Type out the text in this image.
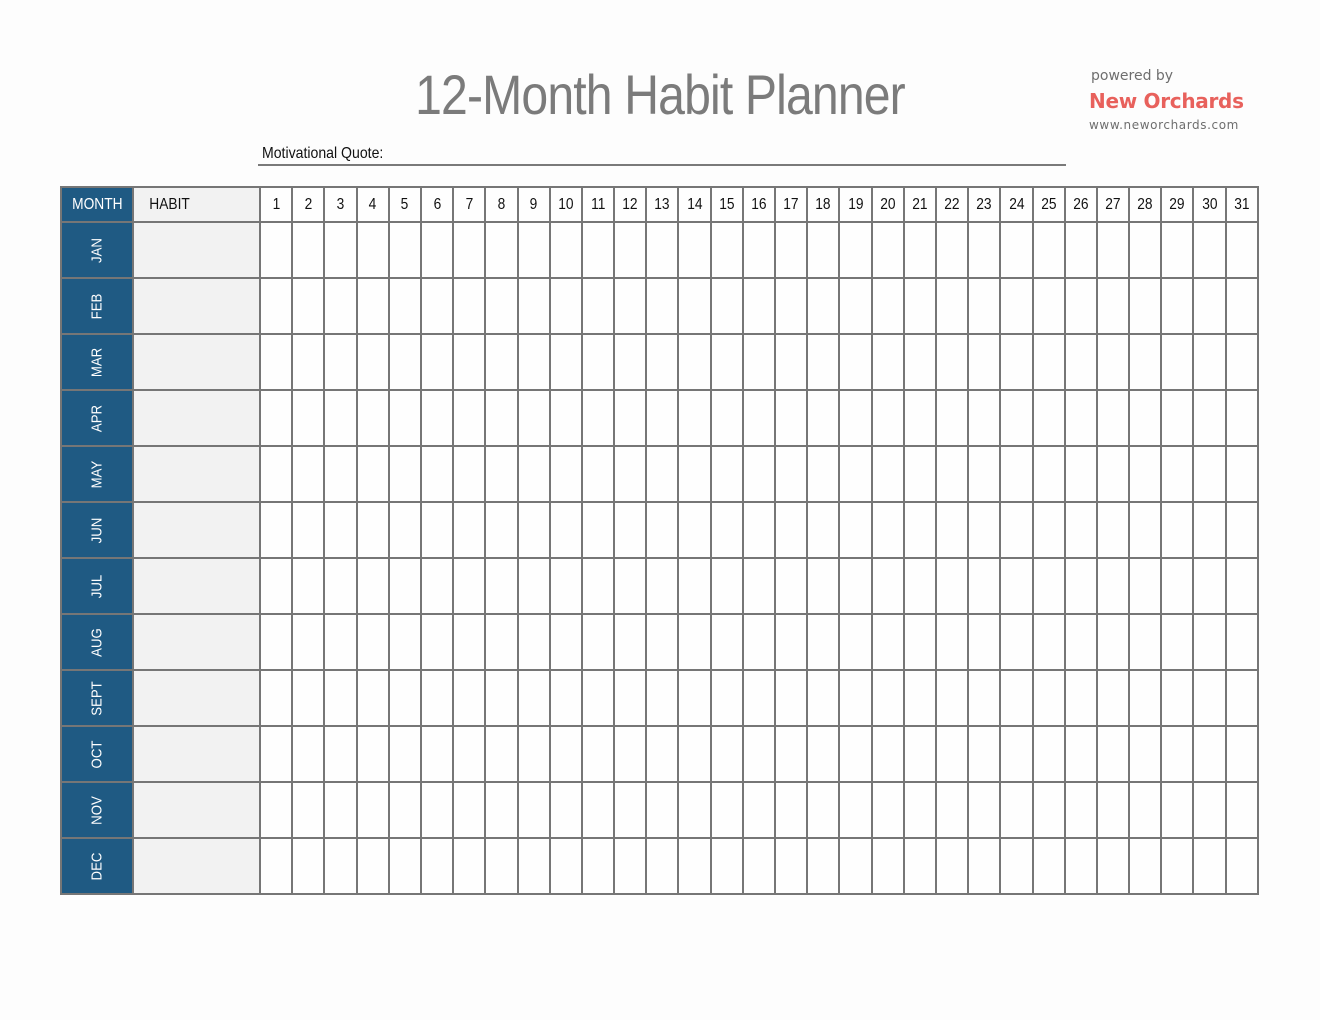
12-Month Habit Planner	powered by
New Orchards
www.neworchards.com
Motivational Quote:
MONTH	HABIT	1	2	3	4	5	6	7	8	9	10	11	12	13	14	15	16	17	18	19	20	21	22	23	24	25	26	27	28	29	30	31

JAN																																

FEB																																

MAR																																

APR																																

MAY																																

JUN																																

JUL																																

AUG																																

SEPT																																

OCT																																

NOV																																

DEC																																
